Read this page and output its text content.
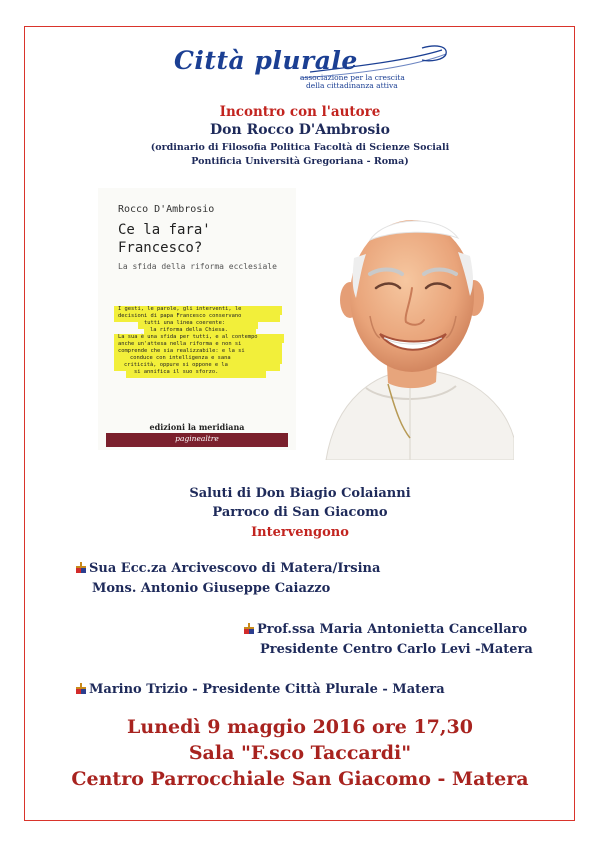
Città plurale
associazione per la crescita
della cittadinanza attiva
Incontro con l'autore
Don Rocco D'Ambrosio
(ordinario di Filosofia Politica Facoltà di Scienze Sociali
Pontificia Università Gregoriana - Roma)
Rocco D'Ambrosio
Ce la fara'
Francesco?
La sfida della riforma ecclesiale
I gesti, le parole, gli interventi, le
decisioni di papa Francesco conservano
tutti una linea coerente:
la riforma della Chiesa.
La sua è una sfida per tutti, e al contempo
anche un'attesa nella riforma e non si
comprende che sia realizzabile: e la si
conduce con intelligenza e sana
criticità, oppure si oppone e la
si annifica il suo sforzo.
edizioni la meridiana
paginealtre
Saluti di Don Biagio Colaianni
Parroco di San Giacomo
Intervengono
Sua Ecc.za Arcivescovo di Matera/Irsina
Mons. Antonio Giuseppe Caiazzo
Prof.ssa Maria Antonietta Cancellaro
Presidente Centro Carlo Levi -Matera
Marino Trizio - Presidente Città Plurale - Matera
Lunedì 9 maggio 2016 ore 17,30
Sala "F.sco Taccardi"
Centro Parrocchiale San Giacomo - Matera
